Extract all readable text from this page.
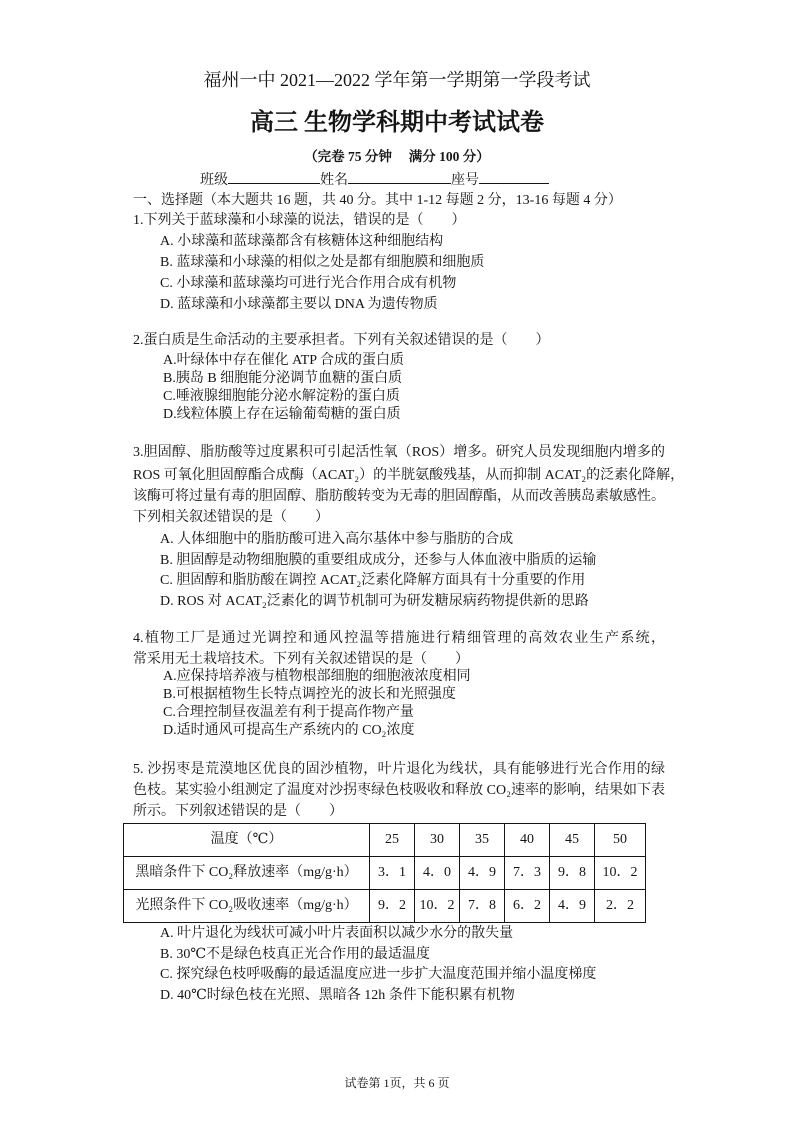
福州一中 2021—2022 学年第一学期第一学段考试
高三 生物学科期中考试试卷
（完卷 75 分钟　 满分 100 分）
班级	姓名	座号
一、选择题（本大题共 16 题，共 40 分。其中 1-12 每题 2 分，13-16 每题 4 分）
1.下列关于蓝球藻和小球藻的说法，错误的是（　　）
A. 小球藻和蓝球藻都含有核糖体这种细胞结构
B. 蓝球藻和小球藻的相似之处是都有细胞膜和细胞质
C. 小球藻和蓝球藻均可进行光合作用合成有机物
D. 蓝球藻和小球藻都主要以 DNA 为遗传物质
2.蛋白质是生命活动的主要承担者。下列有关叙述错误的是（　　）
A.叶绿体中存在催化 ATP 合成的蛋白质
B.胰岛 B 细胞能分泌调节血糖的蛋白质
C.唾液腺细胞能分泌水解淀粉的蛋白质
D.线粒体膜上存在运输葡萄糖的蛋白质
3.胆固醇、脂肪酸等过度累积可引起活性氧（ROS）增多。研究人员发现细胞内增多的
ROS 可氧化胆固醇酯合成酶（ACAT₂）的半胱氨酸残基，从而抑制 ACAT₂的泛素化降解，
该酶可将过量有毒的胆固醇、脂肪酸转变为无毒的胆固醇酯，从而改善胰岛素敏感性。
下列相关叙述错误的是（　　）
A. 人体细胞中的脂肪酸可进入高尔基体中参与脂肪的合成
B. 胆固醇是动物细胞膜的重要组成成分，还参与人体血液中脂质的运输
C. 胆固醇和脂肪酸在调控 ACAT₂泛素化降解方面具有十分重要的作用
D. ROS 对 ACAT₂泛素化的调节机制可为研发糖尿病药物提供新的思路
4.植物工厂是通过光调控和通风控温等措施进行精细管理的高效农业生产系统，
常采用无土栽培技术。下列有关叙述错误的是（　　）
A.应保持培养液与植物根部细胞的细胞液浓度相同
B.可根据植物生长特点调控光的波长和光照强度
C.合理控制昼夜温差有利于提高作物产量
D.适时通风可提高生产系统内的 CO₂浓度
5. 沙拐枣是荒漠地区优良的固沙植物，叶片退化为线状，具有能够进行光合作用的绿
色枝。某实验小组测定了温度对沙拐枣绿色枝吸收和释放 CO₂速率的影响，结果如下表
所示。下列叙述错误的是（　　）
温度（℃）	25	30	35	40	45	50
黑暗条件下 CO₂释放速率（mg/g·h）	3．1	4．0	4．9	7．3	9．8	10．2
光照条件下 CO₂吸收速率（mg/g·h）	9．2	10．2	7．8	6．2	4．9	2．2
A. 叶片退化为线状可减小叶片表面积以减少水分的散失量
B. 30℃不是绿色枝真正光合作用的最适温度
C. 探究绿色枝呼吸酶的最适温度应进一步扩大温度范围并缩小温度梯度
D. 40℃时绿色枝在光照、黑暗各 12h 条件下能积累有机物
试卷第 1页，共 6 页
